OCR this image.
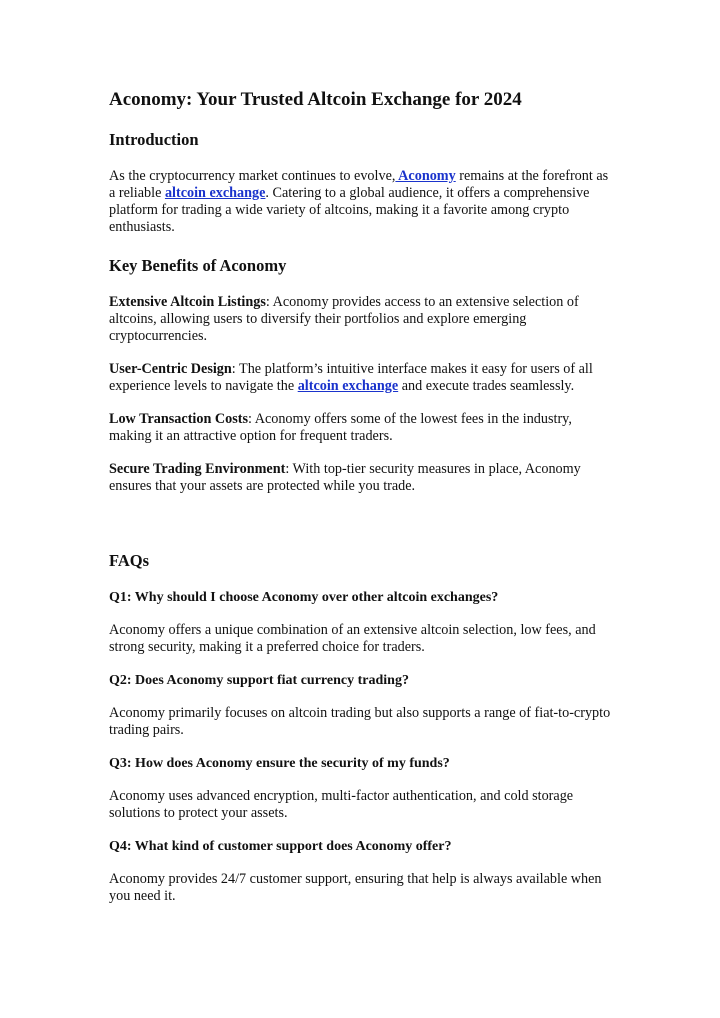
Aconomy: Your Trusted Altcoin Exchange for 2024
Introduction

As the cryptocurrency market continues to evolve, Aconomy remains at the forefront as a reliable altcoin exchange. Catering to a global audience, it offers a comprehensive platform for trading a wide variety of altcoins, making it a favorite among crypto enthusiasts.

Key Benefits of Aconomy

Extensive Altcoin Listings: Aconomy provides access to an extensive selection of altcoins, allowing users to diversify their portfolios and explore emerging cryptocurrencies.

User-Centric Design: The platform’s intuitive interface makes it easy for users of all experience levels to navigate the altcoin exchange and execute trades seamlessly.

Low Transaction Costs: Aconomy offers some of the lowest fees in the industry, making it an attractive option for frequent traders.

Secure Trading Environment: With top-tier security measures in place, Aconomy ensures that your assets are protected while you trade.

FAQs

Q1: Why should I choose Aconomy over other altcoin exchanges?

Aconomy offers a unique combination of an extensive altcoin selection, low fees, and strong security, making it a preferred choice for traders.

Q2: Does Aconomy support fiat currency trading?

Aconomy primarily focuses on altcoin trading but also supports a range of fiat-to-crypto trading pairs.

Q3: How does Aconomy ensure the security of my funds?

Aconomy uses advanced encryption, multi-factor authentication, and cold storage solutions to protect your assets.

Q4: What kind of customer support does Aconomy offer?

Aconomy provides 24/7 customer support, ensuring that help is always available when you need it.
